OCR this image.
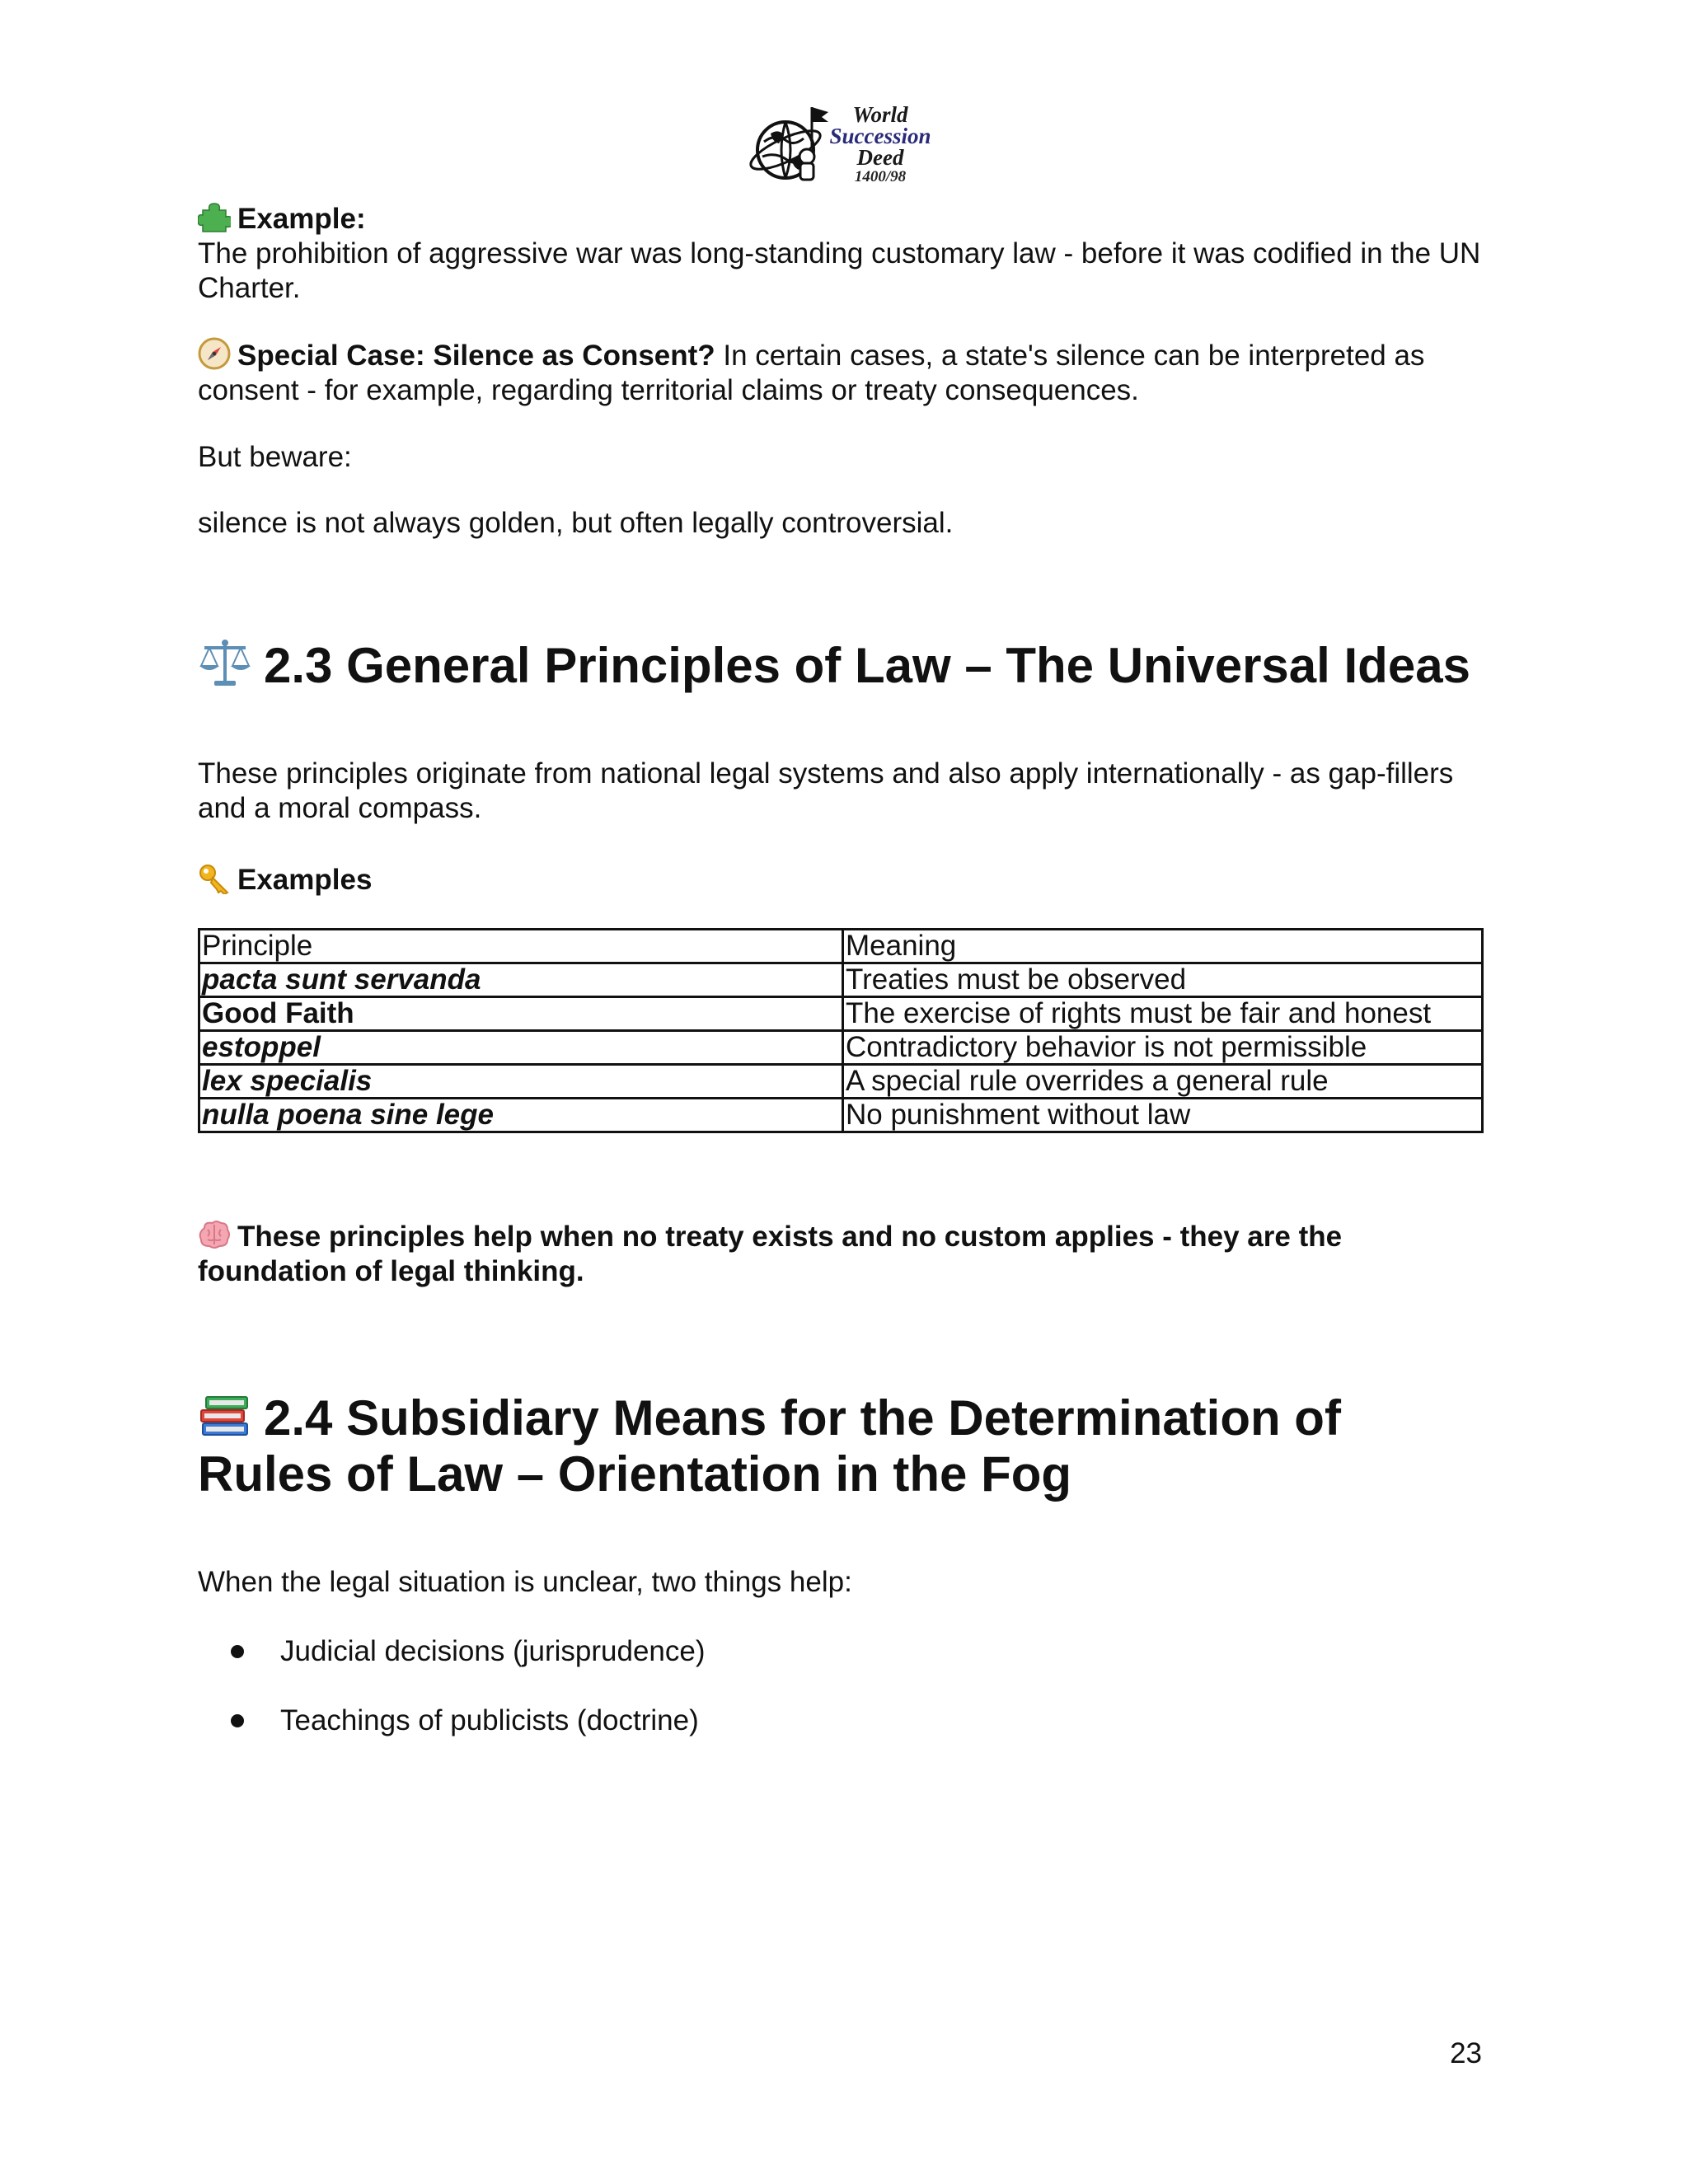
World
Succession
Deed
1400/98

Example:

The prohibition of aggressive war was long-standing customary law - before it was codified in the UN Charter.

Special Case: Silence as Consent? In certain cases, a state's silence can be interpreted as consent - for example, regarding territorial claims or treaty consequences.

But beware:

silence is not always golden, but often legally controversial.

2.3 General Principles of Law – The Universal Ideas

These principles originate from national legal systems and also apply internationally - as gap-fillers and a moral compass.

Examples

Principle	Meaning
pacta sunt servanda	Treaties must be observed
Good Faith	The exercise of rights must be fair and honest
estoppel	Contradictory behavior is not permissible
lex specialis	A special rule overrides a general rule
nulla poena sine lege	No punishment without law

These principles help when no treaty exists and no custom applies - they are the foundation of legal thinking.

2.4 Subsidiary Means for the Determination of Rules of Law – Orientation in the Fog

When the legal situation is unclear, two things help:

Judicial decisions (jurisprudence)
Teachings of publicists (doctrine)
23
